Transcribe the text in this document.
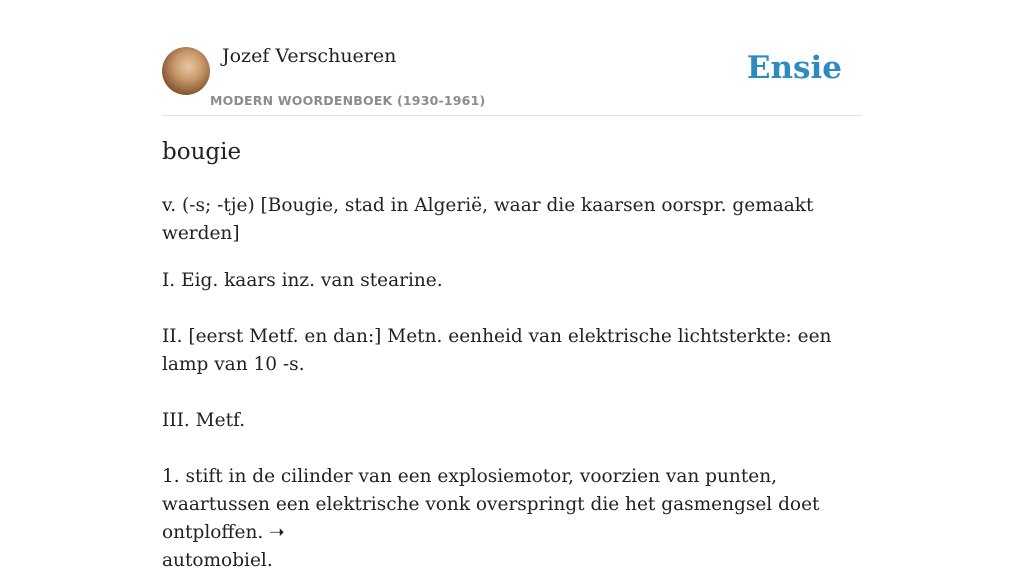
Jozef Verschueren
MODERN WOORDENBOEK (1930-1961)
Ensie
bougie

v. (-s; -tje) [Bougie, stad in Algerië, waar die kaarsen oorspr. gemaakt werden]

I. Eig. kaars inz. van stearine.

II. [eerst Metf. en dan:] Metn. eenheid van elektrische lichtsterkte: een lamp van 10 -s.

III. Metf.

1. stift in de cilinder van een explosiemotor, voorzien van punten, waartussen een elektrische vonk overspringt die het gasmengsel doet ontploffen. ➝
automobiel.
